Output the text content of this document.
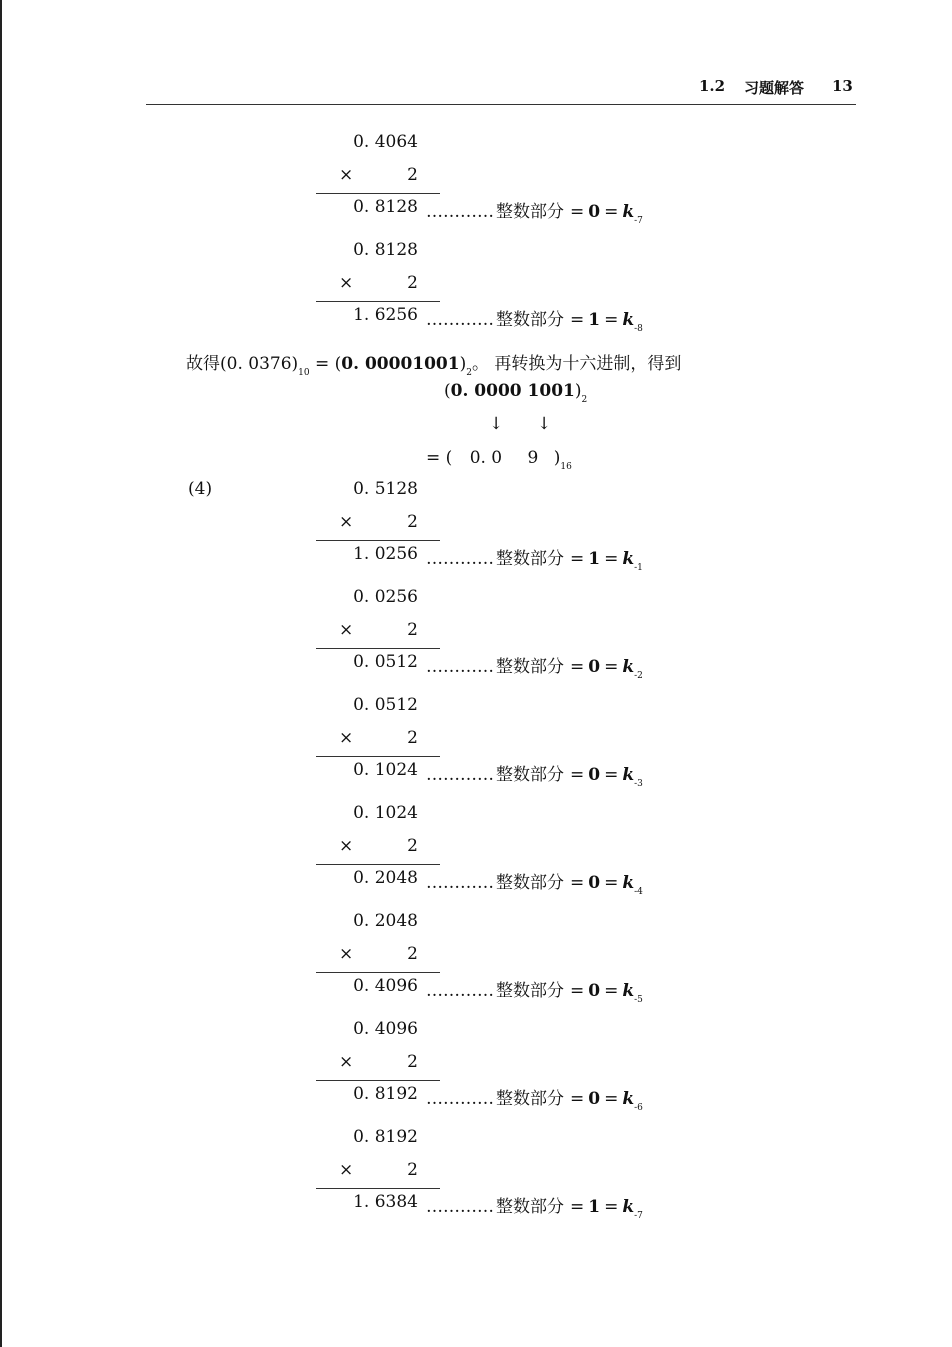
1.2 习题解答 13
0. 4064
×	2
0. 8128 ………… 整数部分 = $0 = k_{-7}$
0. 8128
×	2
1. 6256 ………… 整数部分 = $1 = k_{-8}$
故得(0. $0376)_{10} = (0$. $00001001)_2$。 再转换为十六进制，得到
(0. 0000 $1001)_2$
↓ ↓
= ( 0. 0 9 )$_{16}$
(4)	0. 5128
×	2
1. 0256 ………… 整数部分 = $1 = k_{-1}$
0. 0256
×	2
0. 0512 ………… 整数部分 = $0 = k_{-2}$
0. 0512
×	2
0. 1024 ………… 整数部分 = $0 = k_{-3}$
0. 1024
×	2
0. 2048 ………… 整数部分 = $0 = k_{-4}$
0. 2048
×	2
0. 4096 ………… 整数部分 = $0 = k_{-5}$
0. 4096
×	2
0. 8192 ………… 整数部分 = $0 = k_{-6}$
0. 8192
×	2
1. 6384 ………… 整数部分 = $1 = k_{-7}$
